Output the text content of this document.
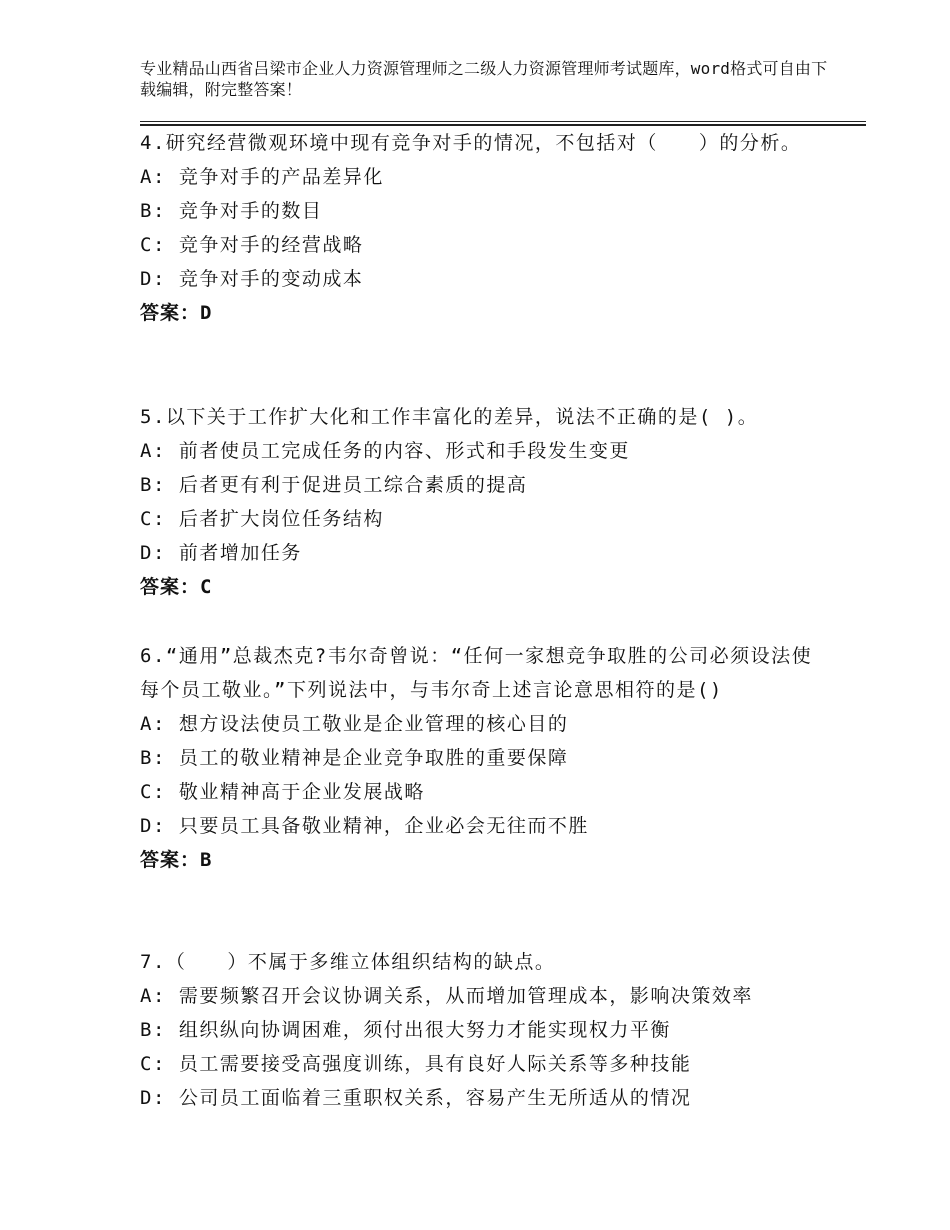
专业精品山西省吕梁市企业人力资源管理师之二级人力资源管理师考试题库，word格式可自由下载编辑，附完整答案！

4.研究经营微观环境中现有竞争对手的情况，不包括对（　　）的分析。

A: 竞争对手的产品差异化

B: 竞争对手的数目

C: 竞争对手的经营战略

D: 竞争对手的变动成本

答案：D

5.以下关于工作扩大化和工作丰富化的差异，说法不正确的是( )。

A: 前者使员工完成任务的内容、形式和手段发生变更

B: 后者更有利于促进员工综合素质的提高

C: 后者扩大岗位任务结构

D: 前者增加任务

答案：C

6.“通用”总裁杰克?韦尔奇曾说：“任何一家想竞争取胜的公司必须设法使每个员工敬业。”下列说法中，与韦尔奇上述言论意思相符的是()

A: 想方设法使员工敬业是企业管理的核心目的

B: 员工的敬业精神是企业竞争取胜的重要保障

C: 敬业精神高于企业发展战略

D: 只要员工具备敬业精神，企业必会无往而不胜

答案：B

7.（　　）不属于多维立体组织结构的缺点。

A: 需要频繁召开会议协调关系，从而增加管理成本，影响决策效率

B: 组织纵向协调困难，须付出很大努力才能实现权力平衡

C: 员工需要接受高强度训练，具有良好人际关系等多种技能

D: 公司员工面临着三重职权关系，容易产生无所适从的情况
